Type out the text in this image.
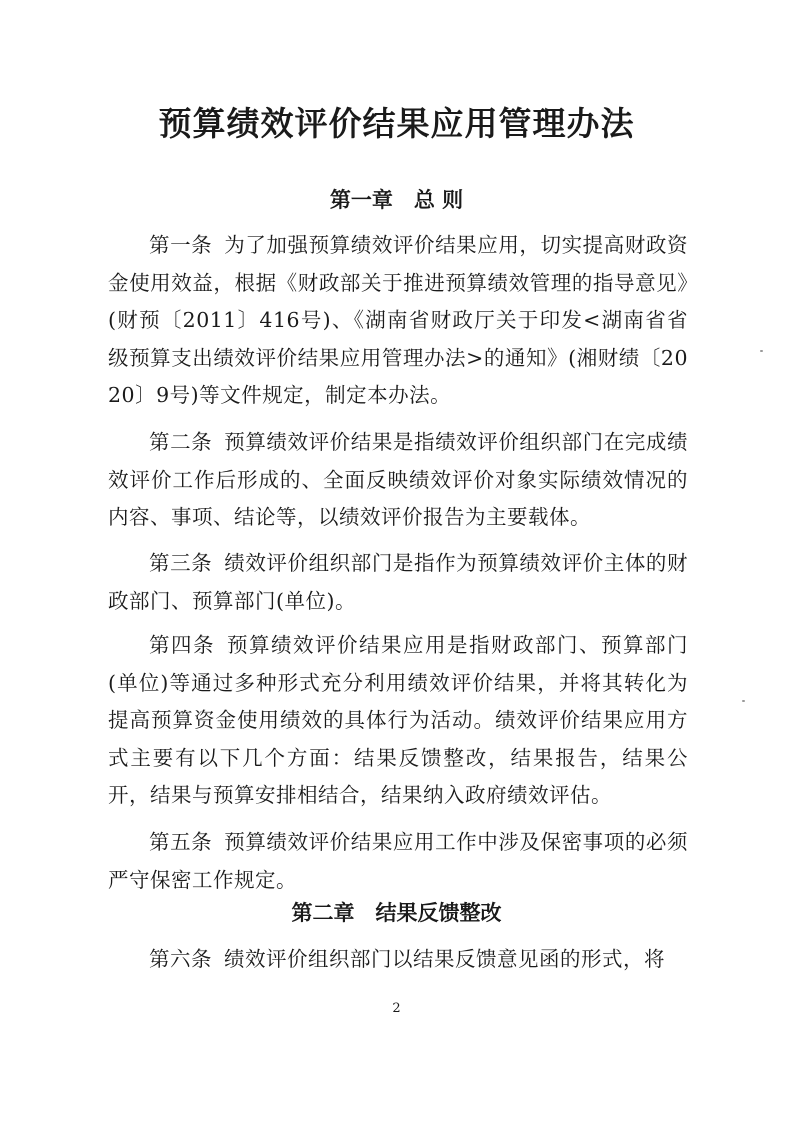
预算绩效评价结果应用管理办法
第一章　总 则

第一条 为了加强预算绩效评价结果应用，切实提高财政资金使用效益，根据《财政部关于推进预算绩效管理的指导意见》(财预〔2011〕416号)、《湖南省财政厅关于印发<湖南省省级预算支出绩效评价结果应用管理办法>的通知》(湘财绩〔2020〕9号)等文件规定，制定本办法。

第二条 预算绩效评价结果是指绩效评价组织部门在完成绩效评价工作后形成的、全面反映绩效评价对象实际绩效情况的内容、事项、结论等，以绩效评价报告为主要载体。

第三条 绩效评价组织部门是指作为预算绩效评价主体的财政部门、预算部门(单位)。

第四条 预算绩效评价结果应用是指财政部门、预算部门(单位)等通过多种形式充分利用绩效评价结果，并将其转化为提高预算资金使用绩效的具体行为活动。绩效评价结果应用方式主要有以下几个方面：结果反馈整改，结果报告，结果公开，结果与预算安排相结合，结果纳入政府绩效评估。

第五条 预算绩效评价结果应用工作中涉及保密事项的必须严守保密工作规定。

第二章　结果反馈整改

第六条 绩效评价组织部门以结果反馈意见函的形式，将

2
